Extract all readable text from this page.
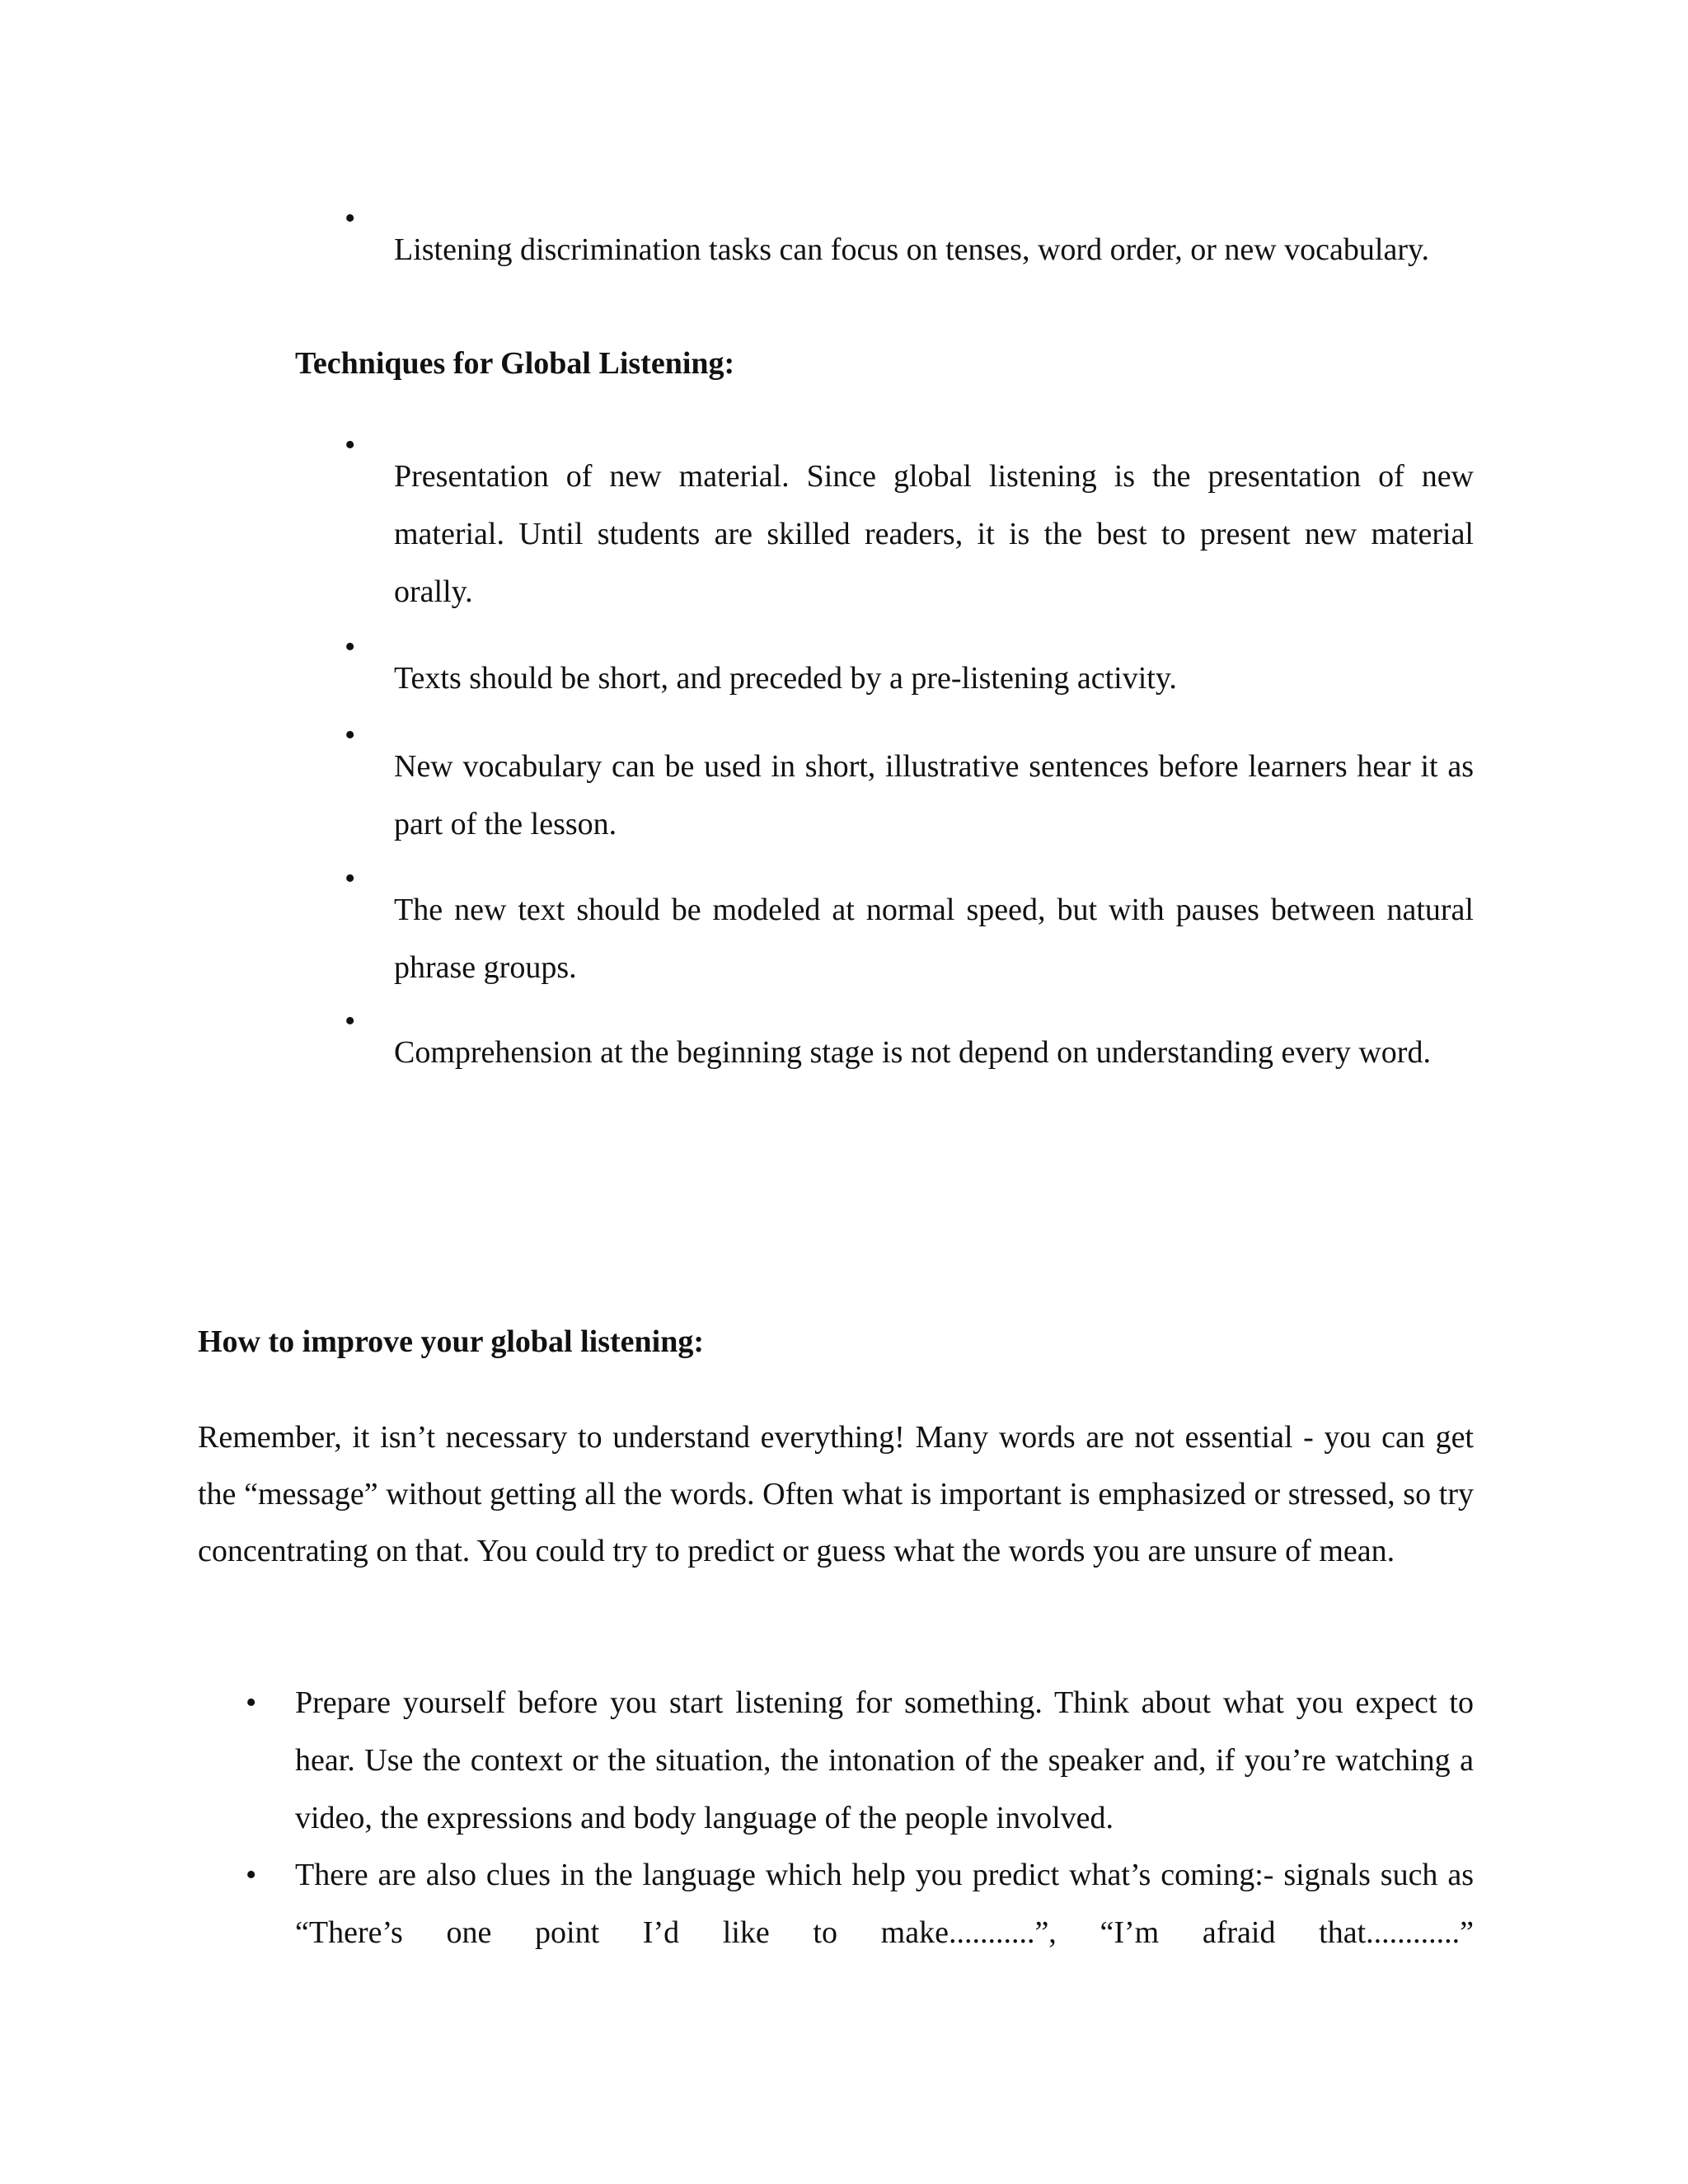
•

Listening discrimination tasks can focus on tenses, word order, or new vocabulary.

Techniques for Global Listening:
•

Presentation of new material. Since global listening is the presentation of new material. Until students are skilled readers, it is the best to present new material orally.

•

Texts should be short, and preceded by a pre-listening activity.

•

New vocabulary can be used in short, illustrative sentences before learners hear it as part of the lesson.

•

The new text should be modeled at normal speed, but with pauses between natural phrase groups.

•

Comprehension at the beginning stage is not depend on understanding every word.

How to improve your global listening:

Remember, it isn’t necessary to understand everything! Many words are not essential - you can get the “message” without getting all the words. Often what is important is emphasized or stressed, so try concentrating on that. You could try to predict or guess what the words you are unsure of mean.

• Prepare yourself before you start listening for something. Think about what you expect to hear. Use the context or the situation, the intonation of the speaker and, if you’re watching a video, the expressions and body language of the people involved.

• There are also clues in the language which help you predict what’s coming:- signals such as “There’s one point I’d like to make...........”, “I’m afraid that............”
